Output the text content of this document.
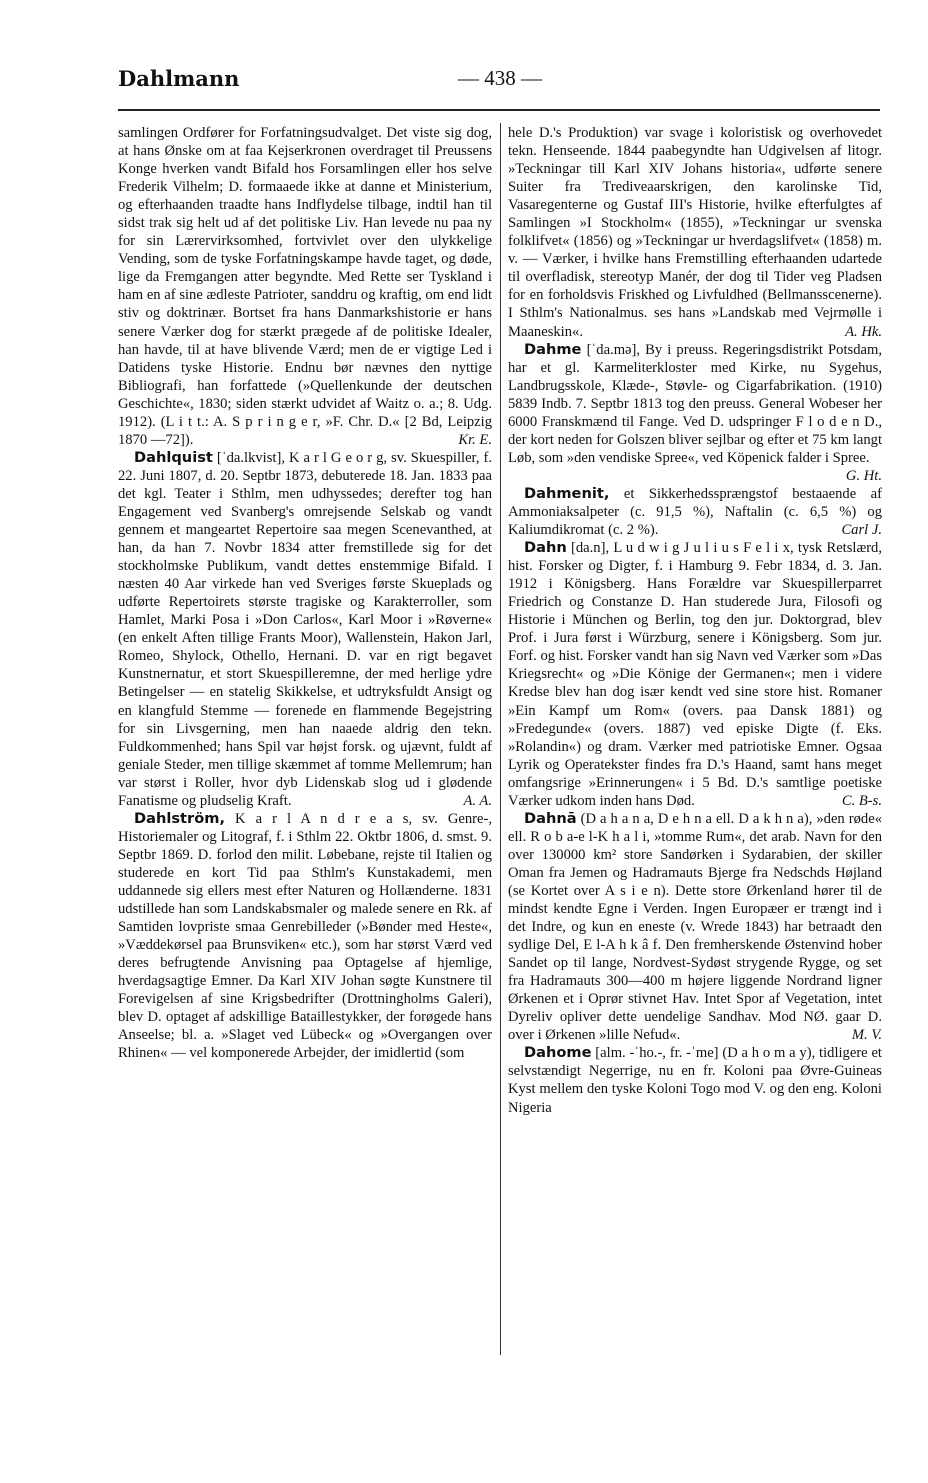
Dahlmann	— 438 —

samlingen Ordfører for Forfatningsudvalget. Det viste sig dog, at hans Ønske om at faa Kejserkronen overdraget til Preussens Konge hverken vandt Bifald hos Forsamlingen eller hos selve Frederik Vilhelm; D. formaaede ikke at danne et Ministerium, og efterhaanden traadte hans Indflydelse tilbage, indtil han til sidst trak sig helt ud af det politiske Liv. Han levede nu paa ny for sin Lærervirksomhed, fortvivlet over den ulykkelige Vending, som de tyske Forfatningskampe havde taget, og døde, lige da Fremgangen atter begyndte. Med Rette ser Tyskland i ham en af sine ædleste Patrioter, sanddru og kraftig, om end lidt stiv og doktrinær. Bortset fra hans Danmarkshistorie er hans senere Værker dog for stærkt prægede af de politiske Idealer, han havde, til at have blivende Værd; men de er vigtige Led i Datidens tyske Historie. Endnu bør nævnes den nyttige Bibliografi, han forfattede (»Quellenkunde der deutschen Geschichte«, 1830; siden stærkt udvidet af Waitz o. a.; 8. Udg. 1912). (L i t t.: A. S p r i n g e r, »F. Chr. D.« [2 Bd, Leipzig 1870 —72]).	Kr. E.

Dahlquist [ˈda.lkvist], K a r l G e o r g, sv. Skuespiller, f. 22. Juni 1807, d. 20. Septbr 1873, debuterede 18. Jan. 1833 paa det kgl. Teater i Sthlm, men udhyssedes; derefter tog han Engagement ved Svanberg's omrejsende Selskab og vandt gennem et mangeartet Repertoire saa megen Scenevanthed, at han, da han 7. Novbr 1834 atter fremstillede sig for det stockholmske Publikum, vandt dettes enstemmige Bifald. I næsten 40 Aar virkede han ved Sveriges første Skueplads og udførte Repertoirets største tragiske og Karakterroller, som Hamlet, Marki Posa i »Don Carlos«, Karl Moor i »Røverne« (en enkelt Aften tillige Frants Moor), Wallenstein, Hakon Jarl, Romeo, Shylock, Othello, Hernani. D. var en rigt begavet Kunstnernatur, et stort Skuespilleremne, der med herlige ydre Betingelser — en statelig Skikkelse, et udtryksfuldt Ansigt og en klangfuld Stemme — forenede en flammende Begejstring for sin Livsgerning, men han naaede aldrig den tekn. Fuldkommenhed; hans Spil var højst forsk. og ujævnt, fuldt af geniale Steder, men tillige skæmmet af tomme Mellemrum; han var størst i Roller, hvor dyb Lidenskab slog ud i glødende Fanatisme og pludselig Kraft.	A. A.

Dahlström, K a r l A n d r e a s, sv. Genre-, Historiemaler og Litograf, f. i Sthlm 22. Oktbr 1806, d. smst. 9. Septbr 1869. D. forlod den milit. Løbebane, rejste til Italien og studerede en kort Tid paa Sthlm's Kunstakademi, men uddannede sig ellers mest efter Naturen og Hollænderne. 1831 udstillede han som Landskabsmaler og malede senere en Rk. af Samtiden lovpriste smaa Genrebilleder (»Bønder med Heste«, »Væddekørsel paa Brunsviken« etc.), som har størst Værd ved deres befrugtende Anvisning paa Optagelse af hjemlige, hverdagsagtige Emner. Da Karl XIV Johan søgte Kunstnere til Forevigelsen af sine Krigsbedrifter (Drottningholms Galeri), blev D. optaget af adskillige Bataillestykker, der forøgede hans Anseelse; bl. a. »Slaget ved Lübeck« og »Overgangen over Rhinen« — vel komponerede Arbejder, der imidlertid (som

hele D.'s Produktion) var svage i koloristisk og overhovedet tekn. Henseende. 1844 paabegyndte han Udgivelsen af litogr. »Teckningar till Karl XIV Johans historia«, udførte senere Suiter fra Trediveaarskrigen, den karolinske Tid, Vasaregenterne og Gustaf III's Historie, hvilke efterfulgtes af Samlingen »I Stockholm« (1855), »Teckningar ur svenska folklifvet« (1856) og »Teckningar ur hverdagslifvet« (1858) m. v. — Værker, i hvilke hans Fremstilling efterhaanden udartede til overfladisk, stereotyp Manér, der dog til Tider veg Pladsen for en forholdsvis Friskhed og Livfuldhed (Bellmansscenerne). I Sthlm's Nationalmus. ses hans »Landskab med Vejrmølle i Maaneskin«.	A. Hk.

Dahme [ˈda.mə], By i preuss. Regeringsdistrikt Potsdam, har et gl. Karmeliterkloster med Kirke, nu Sygehus, Landbrugsskole, Klæde-, Støvle- og Cigarfabrikation. (1910) 5839 Indb. 7. Septbr 1813 tog den preuss. General Wobeser her 6000 Franskmænd til Fange. Ved D. udspringer F l o d e n D., der kort neden for Golszen bliver sejlbar og efter et 75 km langt Løb, som »den vendiske Spree«, ved Köpenick falder i Spree.
G. Ht.

Dahmenit, et Sikkerhedssprængstof bestaaende af Ammoniaksalpeter (c. 91,5 %), Naftalin (c. 6,5 %) og Kaliumdikromat (c. 2 %).	Carl J.

Dahn [da.n], L u d w i g J u l i u s F e l i x, tysk Retslærd, hist. Forsker og Digter, f. i Hamburg 9. Febr 1834, d. 3. Jan. 1912 i Königsberg. Hans Forældre var Skuespillerparret Friedrich og Constanze D. Han studerede Jura, Filosofi og Historie i München og Berlin, tog den jur. Doktorgrad, blev Prof. i Jura først i Würzburg, senere i Königsberg. Som jur. Forf. og hist. Forsker vandt han sig Navn ved Værker som »Das Kriegsrecht« og »Die Könige der Germanen«; men i videre Kredse blev han dog især kendt ved sine store hist. Romaner »Ein Kampf um Rom« (overs. paa Dansk 1881) og »Fredegunde« (overs. 1887) ved episke Digte (f. Eks. »Rolandin«) og dram. Værker med patriotiske Emner. Ogsaa Lyrik og Operatekster findes fra D.'s Haand, samt hans meget omfangsrige »Erinnerungen« i 5 Bd. D.'s samtlige poetiske Værker udkom inden hans Død.	C. B-s.

Dahnā (D a h a n a, D e h n a ell. D a k h n a), »den røde« ell. R o b a-e l-K h a l i, »tomme Rum«, det arab. Navn for den over 130000 km² store Sandørken i Sydarabien, der skiller Oman fra Jemen og Hadramauts Bjerge fra Nedschds Højland (se Kortet over A s i e n). Dette store Ørkenland hører til de mindst kendte Egne i Verden. Ingen Europæer er trængt ind i det Indre, og kun en eneste (v. Wrede 1843) har betraadt den sydlige Del, E l-A h k â f. Den fremherskende Østenvind hober Sandet op til lange, Nordvest-Sydøst strygende Rygge, og set fra Hadramauts 300—400 m højere liggende Nordrand ligner Ørkenen et i Oprør stivnet Hav. Intet Spor af Vegetation, intet Dyreliv opliver dette uendelige Sandhav. Mod NØ. gaar D. over i Ørkenen »lille Nefud«.	M. V.

Dahome [alm. -ˈho.-, fr. -ˈme] (D a h o m a y), tidligere et selvstændigt Negerrige, nu en fr. Koloni paa Øvre-Guineas Kyst mellem den tyske Koloni Togo mod V. og den eng. Koloni Nigeria
